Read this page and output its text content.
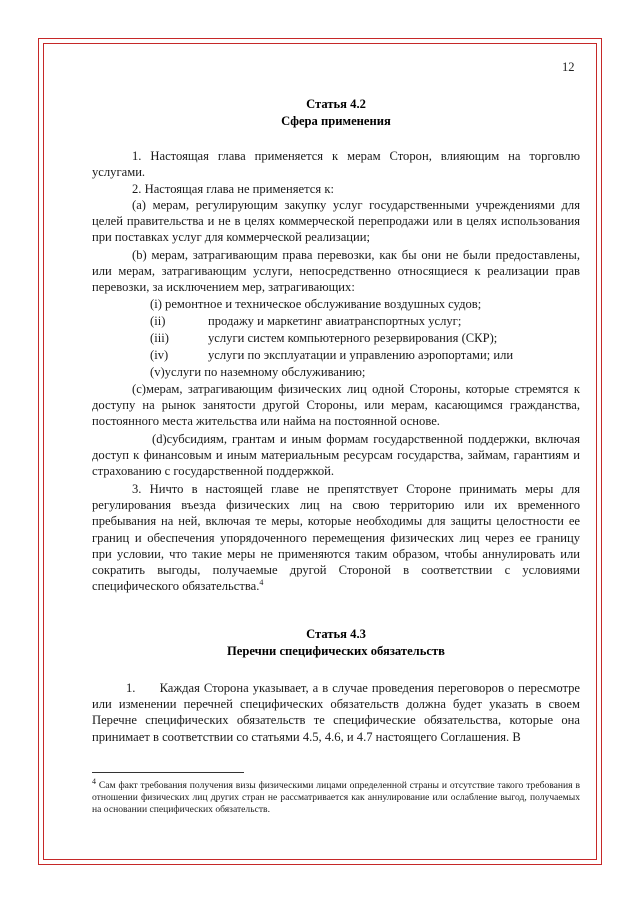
12
Статья 4.2
Сфера применения
1. Настоящая глава применяется к мерам Сторон, влияющим на торговлю услугами.
2. Настоящая глава не применяется к:
(a) мерам, регулирующим закупку услуг государственными учреждениями для целей правительства и не в целях коммерческой перепродажи или в целях использования при поставках услуг для коммерческой реализации;
(b) мерам, затрагивающим права перевозки, как бы они не были предоставлены, или мерам, затрагивающим услуги, непосредственно относящиеся к реализации прав перевозки, за исключением мер, затрагивающих:
(i) ремонтное и техническое обслуживание воздушных судов;
(ii)	продажу и маркетинг авиатранспортных услуг;
(iii)	услуги систем компьютерного резервирования (СКР);
(iv)	услуги по эксплуатации и управлению аэропортами; или
(v)услуги по наземному обслуживанию;
(c)мерам, затрагивающим физических лиц одной Стороны, которые стремятся к доступу на рынок занятости другой Стороны, или мерам, касающимся гражданства, постоянного места жительства или найма на постоянной основе.
(d)субсидиям, грантам и иным формам государственной поддержки, включая доступ к финансовым и иным материальным ресурсам государства, займам, гарантиям и страхованию с государственной поддержкой.
3. Ничто в настоящей главе не препятствует Стороне принимать меры для регулирования въезда физических лиц на свою территорию или их временного пребывания на ней, включая те меры, которые необходимы для защиты целостности ее границ и обеспечения упорядоченного перемещения физических лиц через ее границу при условии, что такие меры не применяются таким образом, чтобы аннулировать или сократить выгоды, получаемые другой Стороной в соответствии с условиями специфического обязательства.$^4$
Статья 4.3
Перечни специфических обязательств
1. Каждая Сторона указывает, а в случае проведения переговоров о пересмотре или изменении перечней специфических обязательств должна будет указать в своем Перечне специфических обязательств те специфические обязательства, которые она принимает в соответствии со статьями 4.5, 4.6, и 4.7 настоящего Соглашения. В
$^4$ Сам факт требования получения визы физическими лицами определенной страны и отсутствие такого требования в отношении физических лиц других стран не рассматривается как аннулирование или ослабление выгод, получаемых на основании специфических обязательств.
